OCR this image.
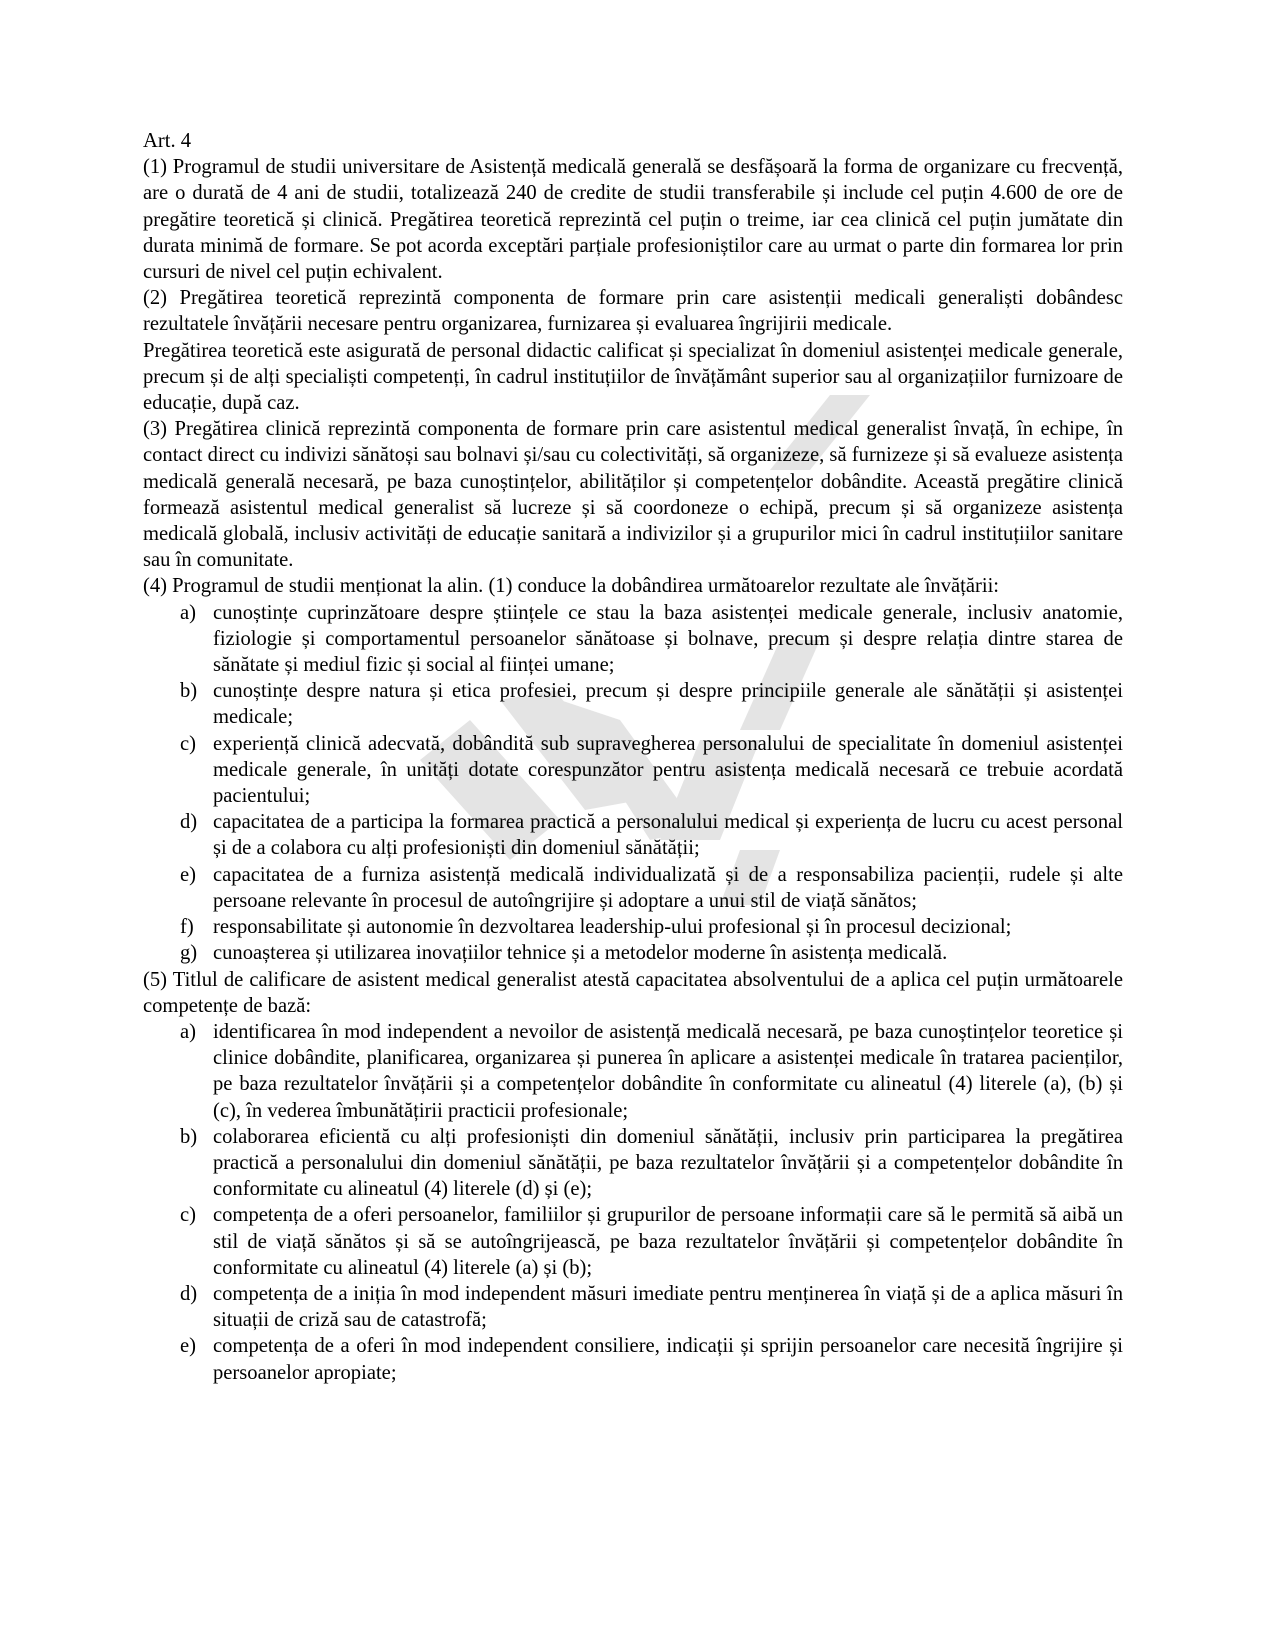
Art. 4

(1) Programul de studii universitare de Asistență medicală generală se desfășoară la forma de organizare cu frecvență, are o durată de 4 ani de studii, totalizează 240 de credite de studii transferabile și include cel puțin 4.600 de ore de pregătire teoretică și clinică. Pregătirea teoretică reprezintă cel puțin o treime, iar cea clinică cel puțin jumătate din durata minimă de formare. Se pot acorda exceptări parțiale profesioniștilor care au urmat o parte din formarea lor prin cursuri de nivel cel puțin echivalent.

(2) Pregătirea teoretică reprezintă componenta de formare prin care asistenții medicali generaliști dobândesc rezultatele învățării necesare pentru organizarea, furnizarea și evaluarea îngrijirii medicale.

Pregătirea teoretică este asigurată de personal didactic calificat și specializat în domeniul asistenței medicale generale, precum și de alți specialiști competenți, în cadrul instituțiilor de învățământ superior sau al organizațiilor furnizoare de educație, după caz.

(3) Pregătirea clinică reprezintă componenta de formare prin care asistentul medical generalist învață, în echipe, în contact direct cu indivizi sănătoși sau bolnavi și/sau cu colectivități, să organizeze, să furnizeze și să evalueze asistența medicală generală necesară, pe baza cunoștințelor, abilităților și competențelor dobândite. Această pregătire clinică formează asistentul medical generalist să lucreze și să coordoneze o echipă, precum și să organizeze asistența medicală globală, inclusiv activități de educație sanitară a indivizilor și a grupurilor mici în cadrul instituțiilor sanitare sau în comunitate.

(4) Programul de studii menționat la alin. (1) conduce la dobândirea următoarelor rezultate ale învățării:

a) cunoștințe cuprinzătoare despre științele ce stau la baza asistenței medicale generale, inclusiv anatomie, fiziologie și comportamentul persoanelor sănătoase și bolnave, precum și despre relația dintre starea de sănătate și mediul fizic și social al ființei umane;
b) cunoștințe despre natura și etica profesiei, precum și despre principiile generale ale sănătății și asistenței medicale;
c) experiență clinică adecvată, dobândită sub supravegherea personalului de specialitate în domeniul asistenței medicale generale, în unități dotate corespunzător pentru asistența medicală necesară ce trebuie acordată pacientului;
d) capacitatea de a participa la formarea practică a personalului medical și experiența de lucru cu acest personal și de a colabora cu alți profesioniști din domeniul sănătății;
e) capacitatea de a furniza asistență medicală individualizată și de a responsabiliza pacienții, rudele și alte persoane relevante în procesul de autoîngrijire și adoptare a unui stil de viață sănătos;
f) responsabilitate și autonomie în dezvoltarea leadership-ului profesional și în procesul decizional;
g) cunoașterea și utilizarea inovațiilor tehnice și a metodelor moderne în asistența medicală.

(5) Titlul de calificare de asistent medical generalist atestă capacitatea absolventului de a aplica cel puțin următoarele competențe de bază:

a) identificarea în mod independent a nevoilor de asistență medicală necesară, pe baza cunoștințelor teoretice și clinice dobândite, planificarea, organizarea și punerea în aplicare a asistenței medicale în tratarea pacienților, pe baza rezultatelor învățării și a competențelor dobândite în conformitate cu alineatul (4) literele (a), (b) și (c), în vederea îmbunătățirii practicii profesionale;
b) colaborarea eficientă cu alți profesioniști din domeniul sănătății, inclusiv prin participarea la pregătirea practică a personalului din domeniul sănătății, pe baza rezultatelor învățării și a competențelor dobândite în conformitate cu alineatul (4) literele (d) și (e);
c) competența de a oferi persoanelor, familiilor și grupurilor de persoane informații care să le permită să aibă un stil de viață sănătos și să se autoîngrijească, pe baza rezultatelor învățării și competențelor dobândite în conformitate cu alineatul (4) literele (a) și (b);
d) competența de a iniția în mod independent măsuri imediate pentru menținerea în viață și de a aplica măsuri în situații de criză sau de catastrofă;
e) competența de a oferi în mod independent consiliere, indicații și sprijin persoanelor care necesită îngrijire și persoanelor apropiate;
